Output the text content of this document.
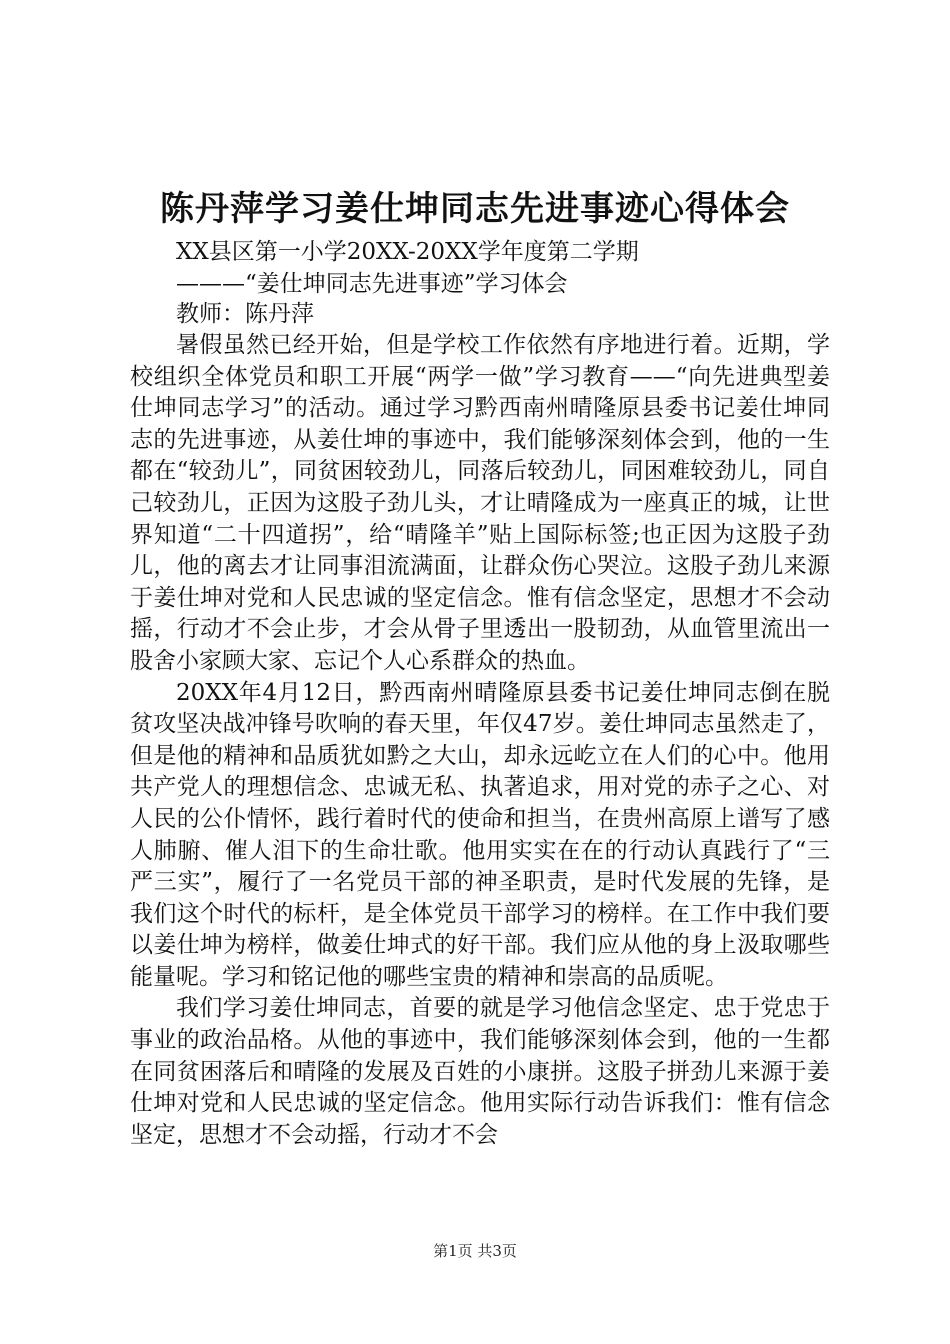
陈丹萍学习姜仕坤同志先进事迹心得体会
XX县区第一小学20XX-20XX学年度第二学期
———“姜仕坤同志先进事迹”学习体会
教师：陈丹萍

暑假虽然已经开始，但是学校工作依然有序地进行着。近期，学校组织全体党员和职工开展“两学一做”学习教育——“向先进典型姜仕坤同志学习”的活动。通过学习黔西南州晴隆原县委书记姜仕坤同志的先进事迹，从姜仕坤的事迹中，我们能够深刻体会到，他的一生都在“较劲儿”，同贫困较劲儿，同落后较劲儿，同困难较劲儿，同自己较劲儿，正因为这股子劲儿头，才让晴隆成为一座真正的城，让世界知道“二十四道拐”，给“晴隆羊”贴上国际标签;也正因为这股子劲儿，他的离去才让同事泪流满面，让群众伤心哭泣。这股子劲儿来源于姜仕坤对党和人民忠诚的坚定信念。惟有信念坚定，思想才不会动摇，行动才不会止步，才会从骨子里透出一股韧劲，从血管里流出一股舍小家顾大家、忘记个人心系群众的热血。

20XX年4月12日，黔西南州晴隆原县委书记姜仕坤同志倒在脱贫攻坚决战冲锋号吹响的春天里，年仅47岁。姜仕坤同志虽然走了，但是他的精神和品质犹如黔之大山，却永远屹立在人们的心中。他用共产党人的理想信念、忠诚无私、执著追求，用对党的赤子之心、对人民的公仆情怀，践行着时代的使命和担当，在贵州高原上谱写了感人肺腑、催人泪下的生命壮歌。他用实实在在的行动认真践行了“三严三实”，履行了一名党员干部的神圣职责，是时代发展的先锋，是我们这个时代的标杆，是全体党员干部学习的榜样。在工作中我们要以姜仕坤为榜样，做姜仕坤式的好干部。我们应从他的身上汲取哪些能量呢。学习和铭记他的哪些宝贵的精神和崇高的品质呢。

我们学习姜仕坤同志，首要的就是学习他信念坚定、忠于党忠于事业的政治品格。从他的事迹中，我们能够深刻体会到，他的一生都在同贫困落后和晴隆的发展及百姓的小康拼。这股子拼劲儿来源于姜仕坤对党和人民忠诚的坚定信念。他用实际行动告诉我们：惟有信念坚定，思想才不会动摇，行动才不会

第1页 共3页
